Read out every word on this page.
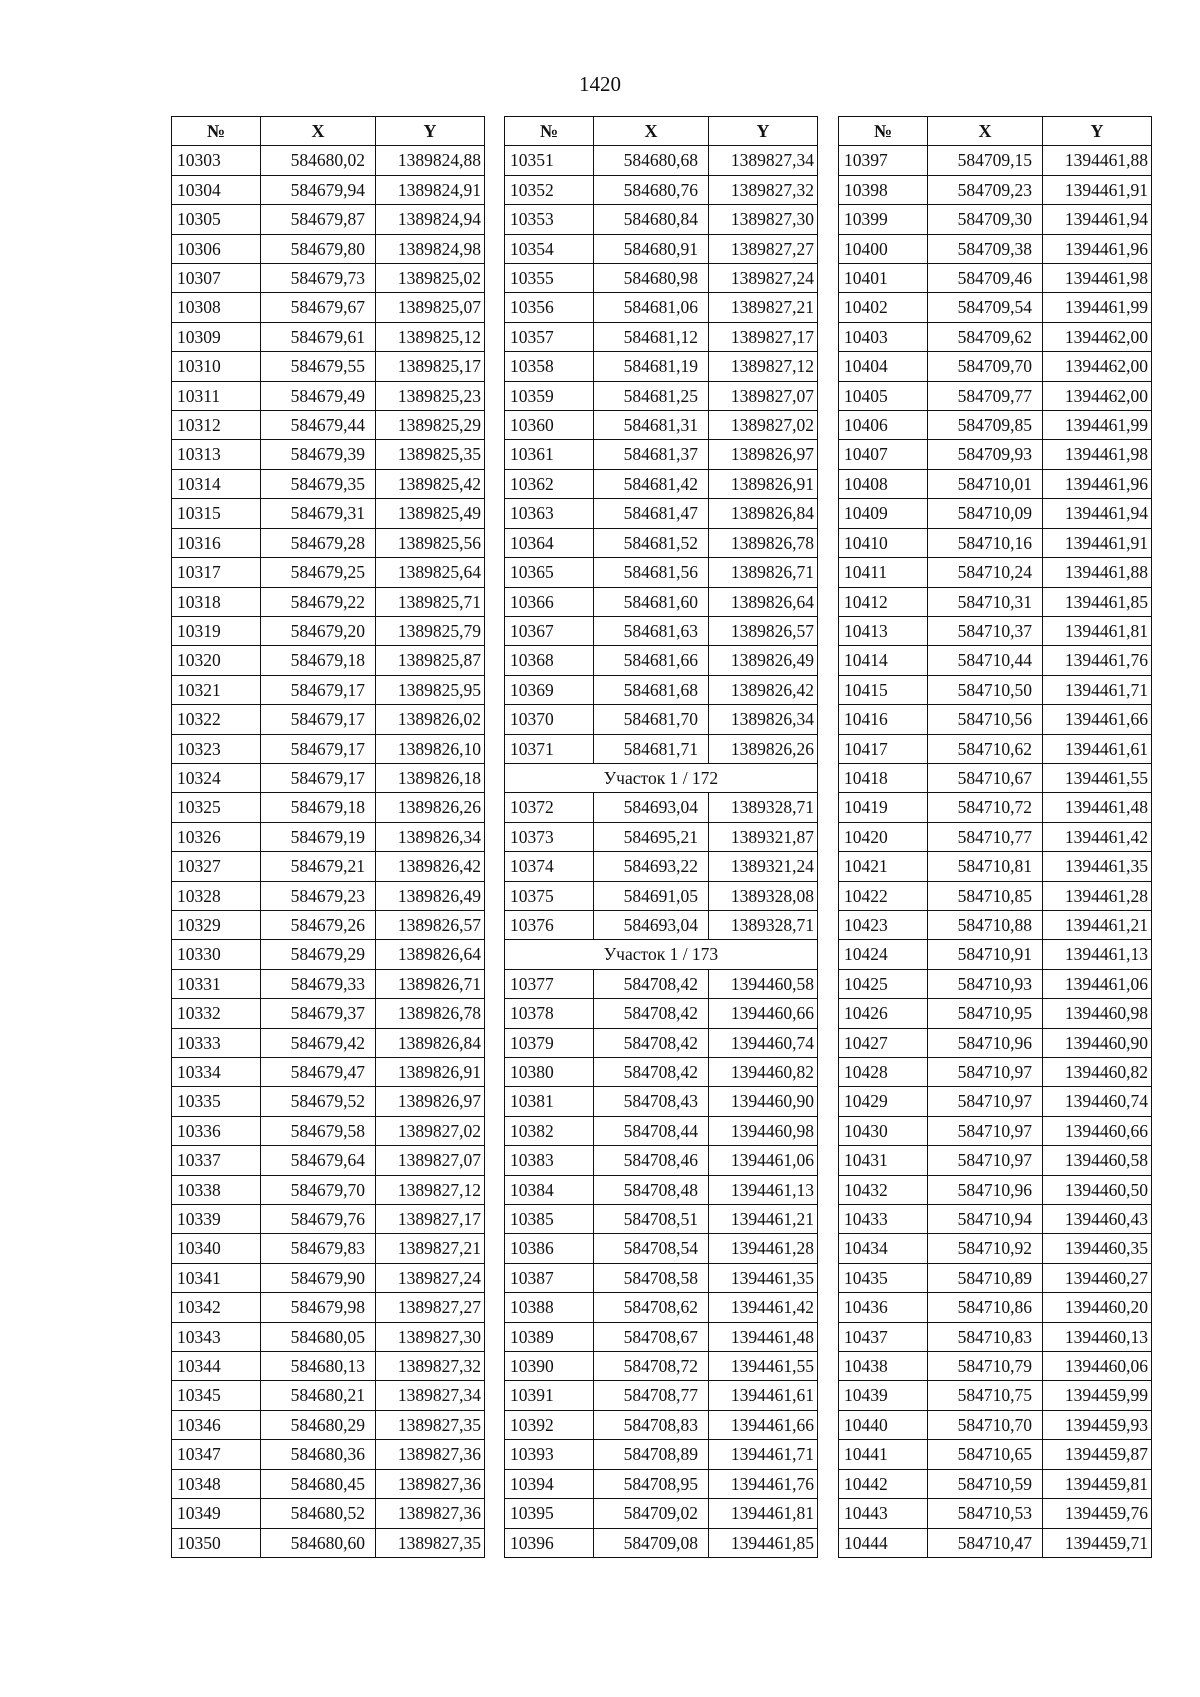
1420
№	X	Y
10303	584680,02	1389824,88
10304	584679,94	1389824,91
10305	584679,87	1389824,94
10306	584679,80	1389824,98
10307	584679,73	1389825,02
10308	584679,67	1389825,07
10309	584679,61	1389825,12
10310	584679,55	1389825,17
10311	584679,49	1389825,23
10312	584679,44	1389825,29
10313	584679,39	1389825,35
10314	584679,35	1389825,42
10315	584679,31	1389825,49
10316	584679,28	1389825,56
10317	584679,25	1389825,64
10318	584679,22	1389825,71
10319	584679,20	1389825,79
10320	584679,18	1389825,87
10321	584679,17	1389825,95
10322	584679,17	1389826,02
10323	584679,17	1389826,10
10324	584679,17	1389826,18
10325	584679,18	1389826,26
10326	584679,19	1389826,34
10327	584679,21	1389826,42
10328	584679,23	1389826,49
10329	584679,26	1389826,57
10330	584679,29	1389826,64
10331	584679,33	1389826,71
10332	584679,37	1389826,78
10333	584679,42	1389826,84
10334	584679,47	1389826,91
10335	584679,52	1389826,97
10336	584679,58	1389827,02
10337	584679,64	1389827,07
10338	584679,70	1389827,12
10339	584679,76	1389827,17
10340	584679,83	1389827,21
10341	584679,90	1389827,24
10342	584679,98	1389827,27
10343	584680,05	1389827,30
10344	584680,13	1389827,32
10345	584680,21	1389827,34
10346	584680,29	1389827,35
10347	584680,36	1389827,36
10348	584680,45	1389827,36
10349	584680,52	1389827,36
10350	584680,60	1389827,35
№	X	Y
10351	584680,68	1389827,34
10352	584680,76	1389827,32
10353	584680,84	1389827,30
10354	584680,91	1389827,27
10355	584680,98	1389827,24
10356	584681,06	1389827,21
10357	584681,12	1389827,17
10358	584681,19	1389827,12
10359	584681,25	1389827,07
10360	584681,31	1389827,02
10361	584681,37	1389826,97
10362	584681,42	1389826,91
10363	584681,47	1389826,84
10364	584681,52	1389826,78
10365	584681,56	1389826,71
10366	584681,60	1389826,64
10367	584681,63	1389826,57
10368	584681,66	1389826,49
10369	584681,68	1389826,42
10370	584681,70	1389826,34
10371	584681,71	1389826,26
Участок 1 / 172		
10372	584693,04	1389328,71
10373	584695,21	1389321,87
10374	584693,22	1389321,24
10375	584691,05	1389328,08
10376	584693,04	1389328,71
Участок 1 / 173		
10377	584708,42	1394460,58
10378	584708,42	1394460,66
10379	584708,42	1394460,74
10380	584708,42	1394460,82
10381	584708,43	1394460,90
10382	584708,44	1394460,98
10383	584708,46	1394461,06
10384	584708,48	1394461,13
10385	584708,51	1394461,21
10386	584708,54	1394461,28
10387	584708,58	1394461,35
10388	584708,62	1394461,42
10389	584708,67	1394461,48
10390	584708,72	1394461,55
10391	584708,77	1394461,61
10392	584708,83	1394461,66
10393	584708,89	1394461,71
10394	584708,95	1394461,76
10395	584709,02	1394461,81
10396	584709,08	1394461,85
№	X	Y
10397	584709,15	1394461,88
10398	584709,23	1394461,91
10399	584709,30	1394461,94
10400	584709,38	1394461,96
10401	584709,46	1394461,98
10402	584709,54	1394461,99
10403	584709,62	1394462,00
10404	584709,70	1394462,00
10405	584709,77	1394462,00
10406	584709,85	1394461,99
10407	584709,93	1394461,98
10408	584710,01	1394461,96
10409	584710,09	1394461,94
10410	584710,16	1394461,91
10411	584710,24	1394461,88
10412	584710,31	1394461,85
10413	584710,37	1394461,81
10414	584710,44	1394461,76
10415	584710,50	1394461,71
10416	584710,56	1394461,66
10417	584710,62	1394461,61
10418	584710,67	1394461,55
10419	584710,72	1394461,48
10420	584710,77	1394461,42
10421	584710,81	1394461,35
10422	584710,85	1394461,28
10423	584710,88	1394461,21
10424	584710,91	1394461,13
10425	584710,93	1394461,06
10426	584710,95	1394460,98
10427	584710,96	1394460,90
10428	584710,97	1394460,82
10429	584710,97	1394460,74
10430	584710,97	1394460,66
10431	584710,97	1394460,58
10432	584710,96	1394460,50
10433	584710,94	1394460,43
10434	584710,92	1394460,35
10435	584710,89	1394460,27
10436	584710,86	1394460,20
10437	584710,83	1394460,13
10438	584710,79	1394460,06
10439	584710,75	1394459,99
10440	584710,70	1394459,93
10441	584710,65	1394459,87
10442	584710,59	1394459,81
10443	584710,53	1394459,76
10444	584710,47	1394459,71
